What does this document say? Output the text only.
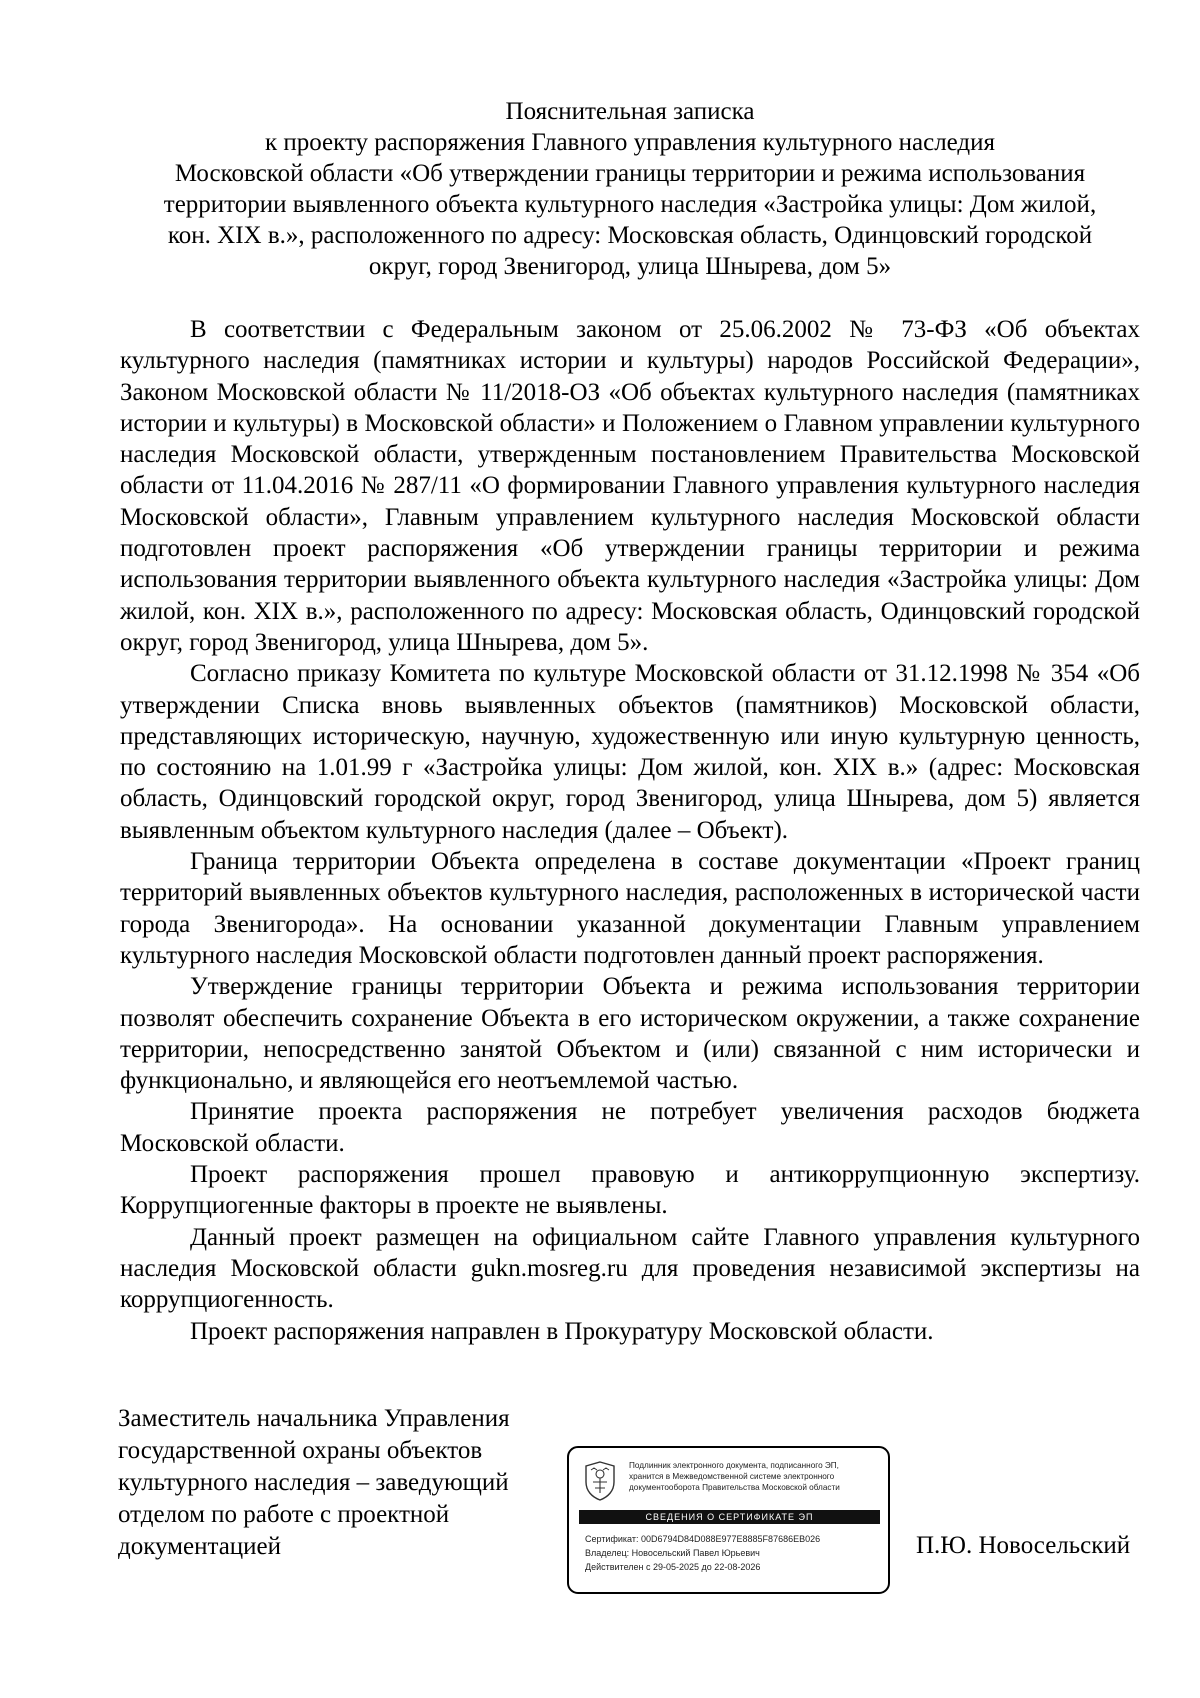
Пояснительная записка
к проекту распоряжения Главного управления культурного наследия
Московской области «Об утверждении границы территории и режима использования
территории выявленного объекта культурного наследия «Застройка улицы: Дом жилой,
кон. XIX в.», расположенного по адресу: Московская область, Одинцовский городской
округ, город Звенигород, улица Шнырева, дом 5»

В соответствии с Федеральным законом от 25.06.2002 № 73-ФЗ «Об объектах культурного наследия (памятниках истории и культуры) народов Российской Федерации», Законом Московской области № 11/2018-ОЗ «Об объектах культурного наследия (памятниках истории и культуры) в Московской области» и Положением о Главном управлении культурного наследия Московской области, утвержденным постановлением Правительства Московской области от 11.04.2016 № 287/11 «О формировании Главного управления культурного наследия Московской области», Главным управлением культурного наследия Московской области подготовлен проект распоряжения «Об утверждении границы территории и режима использования территории выявленного объекта культурного наследия «Застройка улицы: Дом жилой, кон. XIX в.», расположенного по адресу: Московская область, Одинцовский городской округ, город Звенигород, улица Шнырева, дом 5».

Согласно приказу Комитета по культуре Московской области от 31.12.1998 № 354 «Об утверждении Списка вновь выявленных объектов (памятников) Московской области, представляющих историческую, научную, художественную или иную культурную ценность, по состоянию на 1.01.99 г «Застройка улицы: Дом жилой, кон. XIX в.» (адрес: Московская область, Одинцовский городской округ, город Звенигород, улица Шнырева, дом 5) является выявленным объектом культурного наследия (далее – Объект).

Граница территории Объекта определена в составе документации «Проект границ территорий выявленных объектов культурного наследия, расположенных в исторической части города Звенигорода». На основании указанной документации Главным управлением культурного наследия Московской области подготовлен данный проект распоряжения.

Утверждение границы территории Объекта и режима использования территории позволят обеспечить сохранение Объекта в его историческом окружении, а также сохранение территории, непосредственно занятой Объектом и (или) связанной с ним исторически и функционально, и являющейся его неотъемлемой частью.

Принятие проекта распоряжения не потребует увеличения расходов бюджета Московской области.

Проект распоряжения прошел правовую и антикоррупционную экспертизу. Коррупциогенные факторы в проекте не выявлены.

Данный проект размещен на официальном сайте Главного управления культурного наследия Московской области gukn.mosreg.ru для проведения независимой экспертизы на коррупциогенность.

Проект распоряжения направлен в Прокуратуру Московской области.

Заместитель начальника Управления
государственной охраны объектов
культурного наследия – заведующий
отделом по работе с проектной
документацией
Подлинник электронного документа, подписанного ЭП,
хранится в Межведомственной системе электронного
документооборота Правительства Московской области
СВЕДЕНИЯ О СЕРТИФИКАТЕ ЭП
Сертификат: 00D6794D84D088E977E8885F87686EB026
Владелец: Новосельский Павел Юрьевич
Действителен с 29-05-2025 до 22-08-2026
П.Ю. Новосельский
